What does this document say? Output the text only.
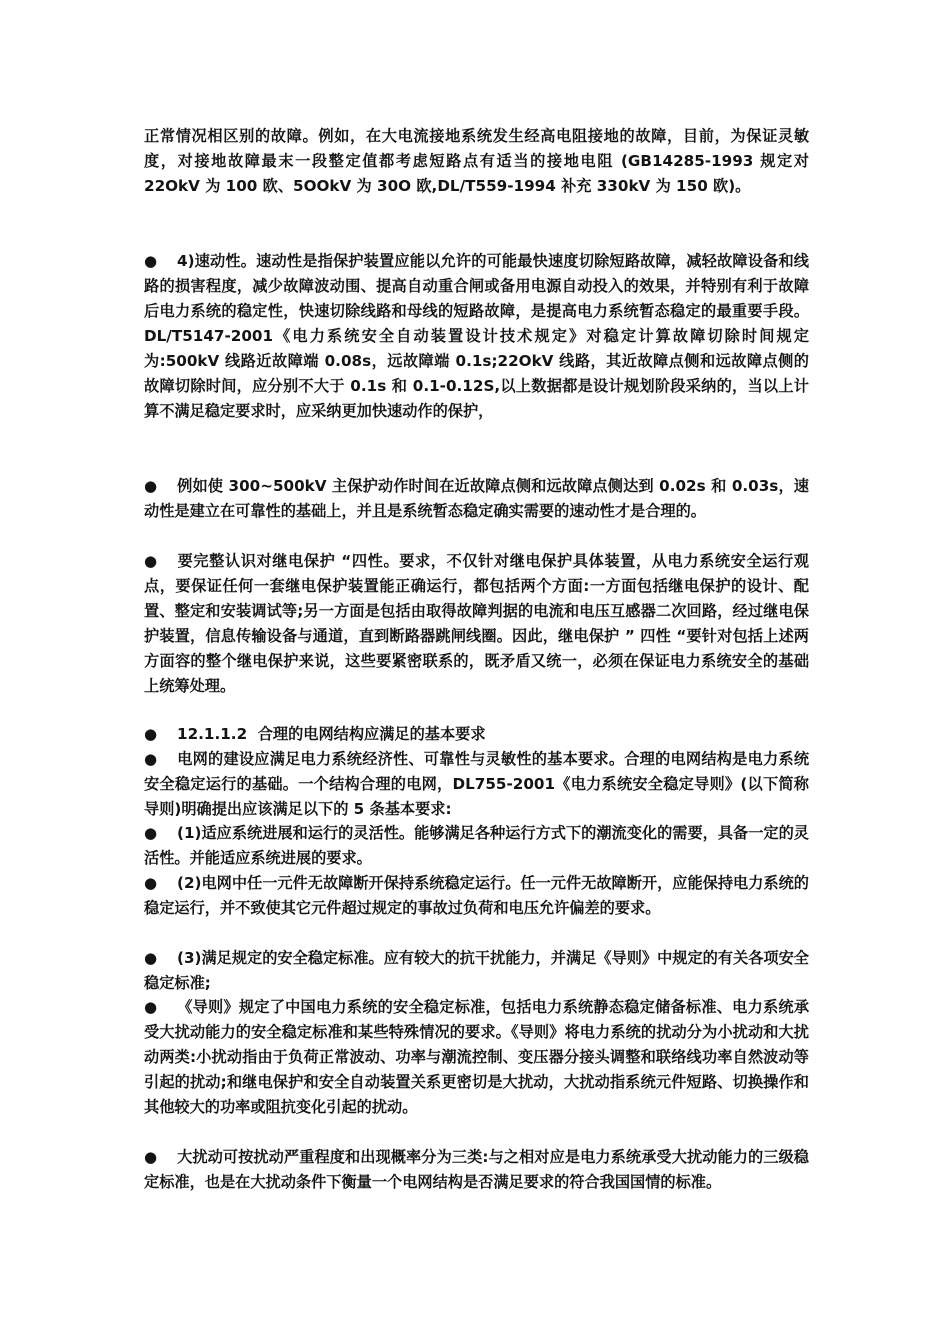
正常情况相区别的故障。例如，在大电流接地系统发生经高电阻接地的故障，目前，为保证灵敏度，对接地故障最末一段整定值都考虑短路点有适当的接地电阻 (GB14285-1993 规定对 22OkV 为 100 欧、5OOkV 为 30O 欧,DL/T559-1994 补充 330kV 为 150 欧)。
● 4)速动性。速动性是指保护装置应能以允许的可能最快速度切除短路故障，减轻故障设备和线路的损害程度，减少故障波动围、提高自动重合闸或备用电源自动投入的效果，并特别有利于故障后电力系统的稳定性，快速切除线路和母线的短路故障，是提高电力系统暂态稳定的最重要手段。DL/T5147-2001《电力系统安全自动装置设计技术规定》对稳定计算故障切除时间规定为:500kV 线路近故障端 0.08s，远故障端 0.1s;22OkV 线路，其近故障点侧和远故障点侧的故障切除时间，应分别不大于 0.1s 和 0.1-0.12S,以上数据都是设计规划阶段采纳的，当以上计算不满足稳定要求时，应采纳更加快速动作的保护，
● 例如使 300~500kV 主保护动作时间在近故障点侧和远故障点侧达到 0.02s 和 0.03s，速动性是建立在可靠性的基础上，并且是系统暂态稳定确实需要的速动性才是合理的。
● 要完整认识对继电保护 “四性。要求，不仅针对继电保护具体装置，从电力系统安全运行观点，要保证任何一套继电保护装置能正确运行，都包括两个方面:一方面包括继电保护的设计、配置、整定和安装调试等;另一方面是包括由取得故障判据的电流和电压互感器二次回路，经过继电保护装置，信息传输设备与通道，直到断路器跳闸线圈。因此，继电保护 ” 四性 “要针对包括上述两方面容的整个继电保护来说，这些要紧密联系的，既矛盾又统一，必须在保证电力系统安全的基础上统筹处理。
● 12.1.1.2  合理的电网结构应满足的基本要求
● 电网的建设应满足电力系统经济性、可靠性与灵敏性的基本要求。合理的电网结构是电力系统安全稳定运行的基础。一个结构合理的电网，DL755-2001《电力系统安全稳定导则》(以下简称导则)明确提出应该满足以下的 5 条基本要求:
● (1)适应系统进展和运行的灵活性。能够满足各种运行方式下的潮流变化的需要，具备一定的灵活性。并能适应系统进展的要求。
● (2)电网中任一元件无故障断开保持系统稳定运行。任一元件无故障断开，应能保持电力系统的稳定运行，并不致使其它元件超过规定的事故过负荷和电压允许偏差的要求。
● (3)满足规定的安全稳定标准。应有较大的抗干扰能力，并满足《导则》中规定的有关各项安全稳定标准;
● 《导则》规定了中国电力系统的安全稳定标准，包括电力系统静态稳定储备标准、电力系统承受大扰动能力的安全稳定标准和某些特殊情况的要求。《导则》将电力系统的扰动分为小扰动和大扰动两类:小扰动指由于负荷正常波动、功率与潮流控制、变压器分接头调整和联络线功率自然波动等引起的扰动;和继电保护和安全自动装置关系更密切是大扰动，大扰动指系统元件短路、切换操作和其他较大的功率或阻抗变化引起的扰动。
● 大扰动可按扰动严重程度和出现概率分为三类:与之相对应是电力系统承受大扰动能力的三级稳定标准，也是在大扰动条件下衡量一个电网结构是否满足要求的符合我国国情的标准。
